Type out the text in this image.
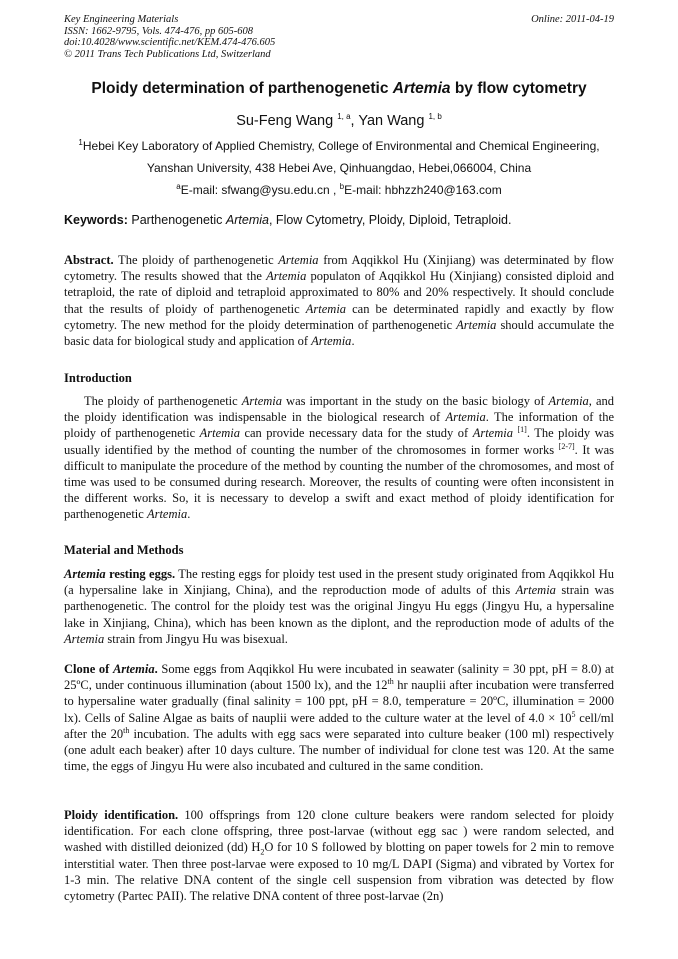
Key Engineering Materials
ISSN: 1662-9795, Vols. 474-476, pp 605-608
doi:10.4028/www.scientific.net/KEM.474-476.605
© 2011 Trans Tech Publications Ltd, Switzerland
Online: 2011-04-19
Ploidy determination of parthenogenetic Artemia by flow cytometry
Su-Feng Wang $^{1, a}$, Yan Wang $^{1, b}$
$^1$Hebei Key Laboratory of Applied Chemistry, College of Environmental and Chemical Engineering,
Yanshan University, 438 Hebei Ave, Qinhuangdao, Hebei,066004, China
$^a$E-mail: sfwang@ysu.edu.cn , $^b$E-mail: hbhzzh240@163.com
Keywords: Parthenogenetic Artemia, Flow Cytometry, Ploidy, Diploid, Tetraploid.
Abstract. The ploidy of parthenogenetic Artemia from Aqqikkol Hu (Xinjiang) was determinated by flow cytometry. The results showed that the Artemia populaton of Aqqikkol Hu (Xinjiang) consisted diploid and tetraploid, the rate of diploid and tetraploid approximated to 80% and 20% respectively. It should conclude that the results of ploidy of parthenogenetic Artemia can be determinated rapidly and exactly by flow cytometry. The new method for the ploidy determination of parthenogenetic Artemia should accumulate the basic data for biological study and application of Artemia.
Introduction
The ploidy of parthenogenetic Artemia was important in the study on the basic biology of Artemia, and the ploidy identification was indispensable in the biological research of Artemia. The information of the ploidy of parthenogenetic Artemia can provide necessary data for the study of Artemia [1]. The ploidy was usually identified by the method of counting the number of the chromosomes in former works [2-7]. It was difficult to manipulate the procedure of the method by counting the number of the chromosomes, and most of time was used to be consumed during research. Moreover, the results of counting were often inconsistent in the different works. So, it is necessary to develop a swift and exact method of ploidy identification for parthenogenetic Artemia.
Material and Methods
Artemia resting eggs. The resting eggs for ploidy test used in the present study originated from Aqqikkol Hu (a hypersaline lake in Xinjiang, China), and the reproduction mode of adults of this Artemia strain was parthenogenetic. The control for the ploidy test was the original Jingyu Hu eggs (Jingyu Hu, a hypersaline lake in Xinjiang, China), which has been known as the diplont, and the reproduction mode of adults of the Artemia strain from Jingyu Hu was bisexual.
Clone of Artemia. Some eggs from Aqqikkol Hu were incubated in seawater (salinity = 30 ppt, pH = 8.0) at 25ºC, under continuous illumination (about 1500 lx), and the 12th hr nauplii after incubation were transferred to hypersaline water gradually (final salinity = 100 ppt, pH = 8.0, temperature = 20ºC, illumination = 2000 lx). Cells of Saline Algae as baits of nauplii were added to the culture water at the level of $4.0 \times 10^5$ cell/ml after the 20th incubation. The adults with egg sacs were separated into culture beaker (100 ml) respectively (one adult each beaker) after 10 days culture. The number of individual for clone test was 120. At the same time, the eggs of Jingyu Hu were also incubated and cultured in the same condition.
Ploidy identification. 100 offsprings from 120 clone culture beakers were random selected for ploidy identification. For each clone offspring, three post-larvae (without egg sac ) were random selected, and washed with distilled deionized (dd) $H_2O$ for 10 S followed by blotting on paper towels for 2 min to remove interstitial water. Then three post-larvae were exposed to 10 mg/L DAPI (Sigma) and vibrated by Vortex for 1-3 min. The relative DNA content of the single cell suspension from vibration was detected by flow cytometry (Partec PAII). The relative DNA content of three post-larvae (2n)
